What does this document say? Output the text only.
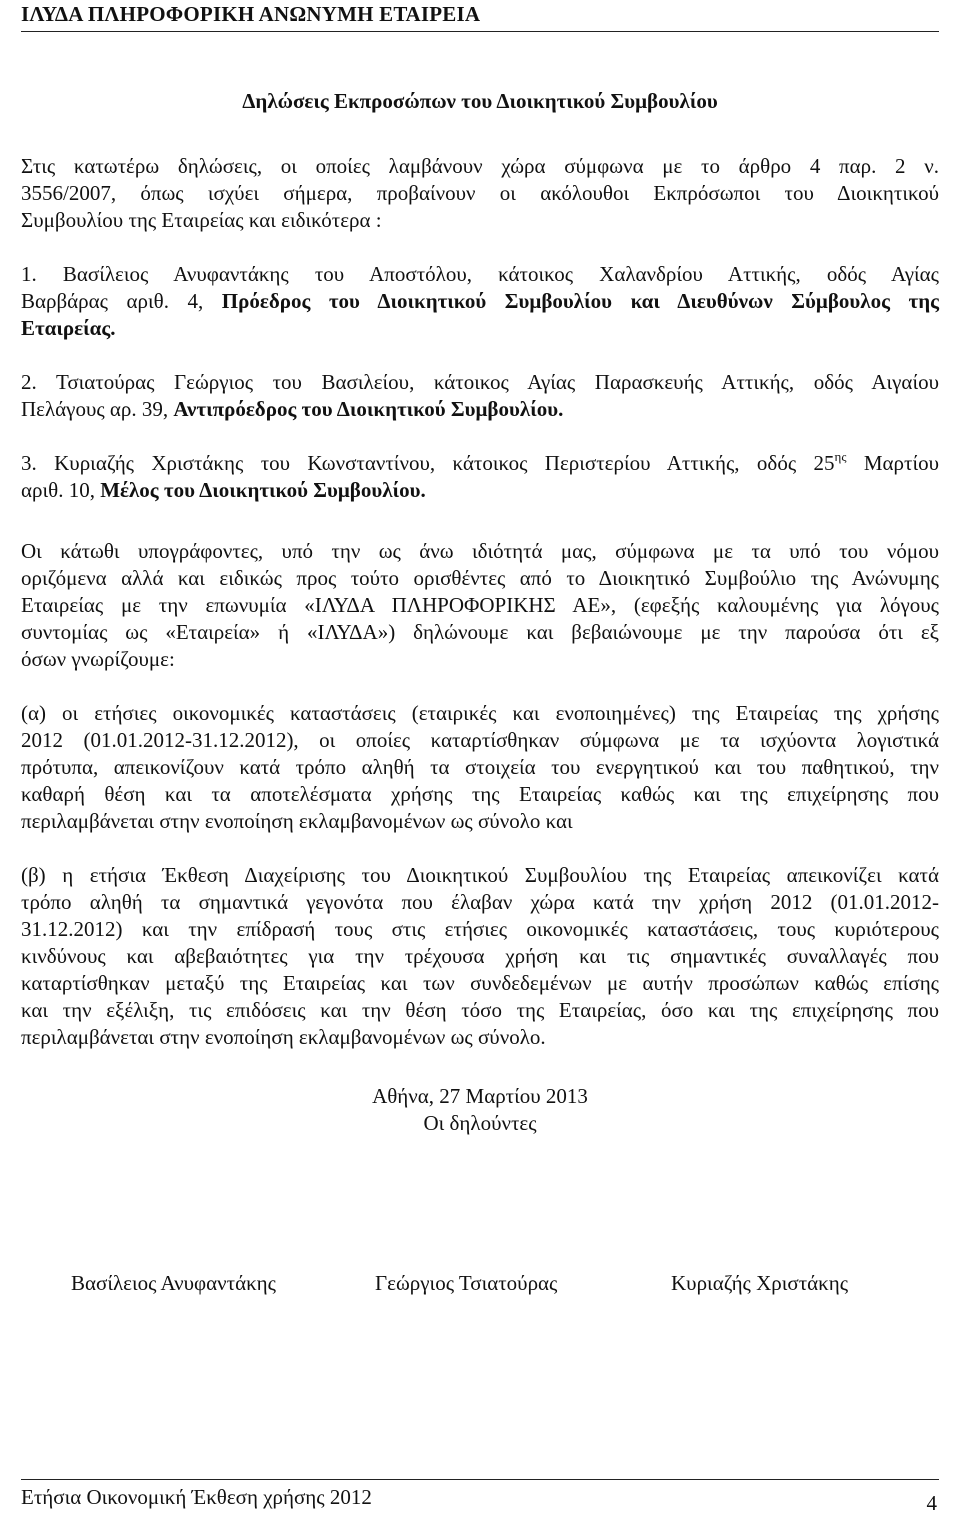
ΙΛΥΔΑ ΠΛΗΡΟΦΟΡΙΚΗ ΑΝΩΝΥΜΗ ΕΤΑΙΡΕΙΑ

Δηλώσεις Εκπροσώπων του Διοικητικού Συμβουλίου

Στις κατωτέρω δηλώσεις, οι οποίες λαμβάνουν χώρα σύμφωνα με το άρθρο 4 παρ. 2 ν.
3556/2007, όπως ισχύει σήμερα, προβαίνουν οι ακόλουθοι Εκπρόσωποι του Διοικητικού
Συμβουλίου της Εταιρείας και ειδικότερα :
1. Βασίλειος Ανυφαντάκης του Αποστόλου, κάτοικος Χαλανδρίου Αττικής, οδός Αγίας
Βαρβάρας αριθ. 4, Πρόεδρος του Διοικητικού Συμβουλίου και Διευθύνων Σύμβουλος της
Εταιρείας.
2. Τσιατούρας Γεώργιος του Βασιλείου, κάτοικος Αγίας Παρασκευής Αττικής, οδός Αιγαίου
Πελάγους αρ. 39, Αντιπρόεδρος του Διοικητικού Συμβουλίου.
3. Κυριαζής Χριστάκης του Κωνσταντίνου, κάτοικος Περιστερίου Αττικής, οδός $25^{\eta\varsigma}$ Μαρτίου
αριθ. 10, Μέλος του Διοικητικού Συμβουλίου.
Οι κάτωθι υπογράφοντες, υπό την ως άνω ιδιότητά μας, σύμφωνα με τα υπό του νόμου
οριζόμενα αλλά και ειδικώς προς τούτο ορισθέντες από το Διοικητικό Συμβούλιο της Ανώνυμης
Εταιρείας με την επωνυμία «ΙΛΥΔΑ ΠΛΗΡΟΦΟΡΙΚΗΣ ΑΕ», (εφεξής καλουμένης για λόγους
συντομίας ως «Εταιρεία» ή «ΙΛΥΔΑ») δηλώνουμε και βεβαιώνουμε με την παρούσα ότι εξ
όσων γνωρίζουμε:
(α) οι ετήσιες οικονομικές καταστάσεις (εταιρικές και ενοποιημένες) της Εταιρείας της χρήσης
2012 (01.01.2012-31.12.2012), οι οποίες καταρτίσθηκαν σύμφωνα με τα ισχύοντα λογιστικά
πρότυπα, απεικονίζουν κατά τρόπο αληθή τα στοιχεία του ενεργητικού και του παθητικού, την
καθαρή θέση και τα αποτελέσματα χρήσης της Εταιρείας καθώς και της επιχείρησης που
περιλαμβάνεται στην ενοποίηση εκλαμβανομένων ως σύνολο και
(β) η ετήσια Έκθεση Διαχείρισης του Διοικητικού Συμβουλίου της Εταιρείας απεικονίζει κατά
τρόπο αληθή τα σημαντικά γεγονότα που έλαβαν χώρα κατά την χρήση 2012 (01.01.2012-
31.12.2012) και την επίδρασή τους στις ετήσιες οικονομικές καταστάσεις, τους κυριότερους
κινδύνους και αβεβαιότητες για την τρέχουσα χρήση και τις σημαντικές συναλλαγές που
καταρτίσθηκαν μεταξύ της Εταιρείας και των συνδεδεμένων με αυτήν προσώπων καθώς επίσης
και την εξέλιξη, τις επιδόσεις και την θέση τόσο της Εταιρείας, όσο και της επιχείρησης που
περιλαμβάνεται στην ενοποίηση εκλαμβανομένων ως σύνολο.
Αθήνα, 27 Μαρτίου 2013
Οι δηλούντες
Βασίλειος Ανυφαντάκης	Γεώργιος Τσιατούρας	Κυριαζής Χριστάκης
Ετήσια Οικονομική Έκθεση χρήσης 2012	4
